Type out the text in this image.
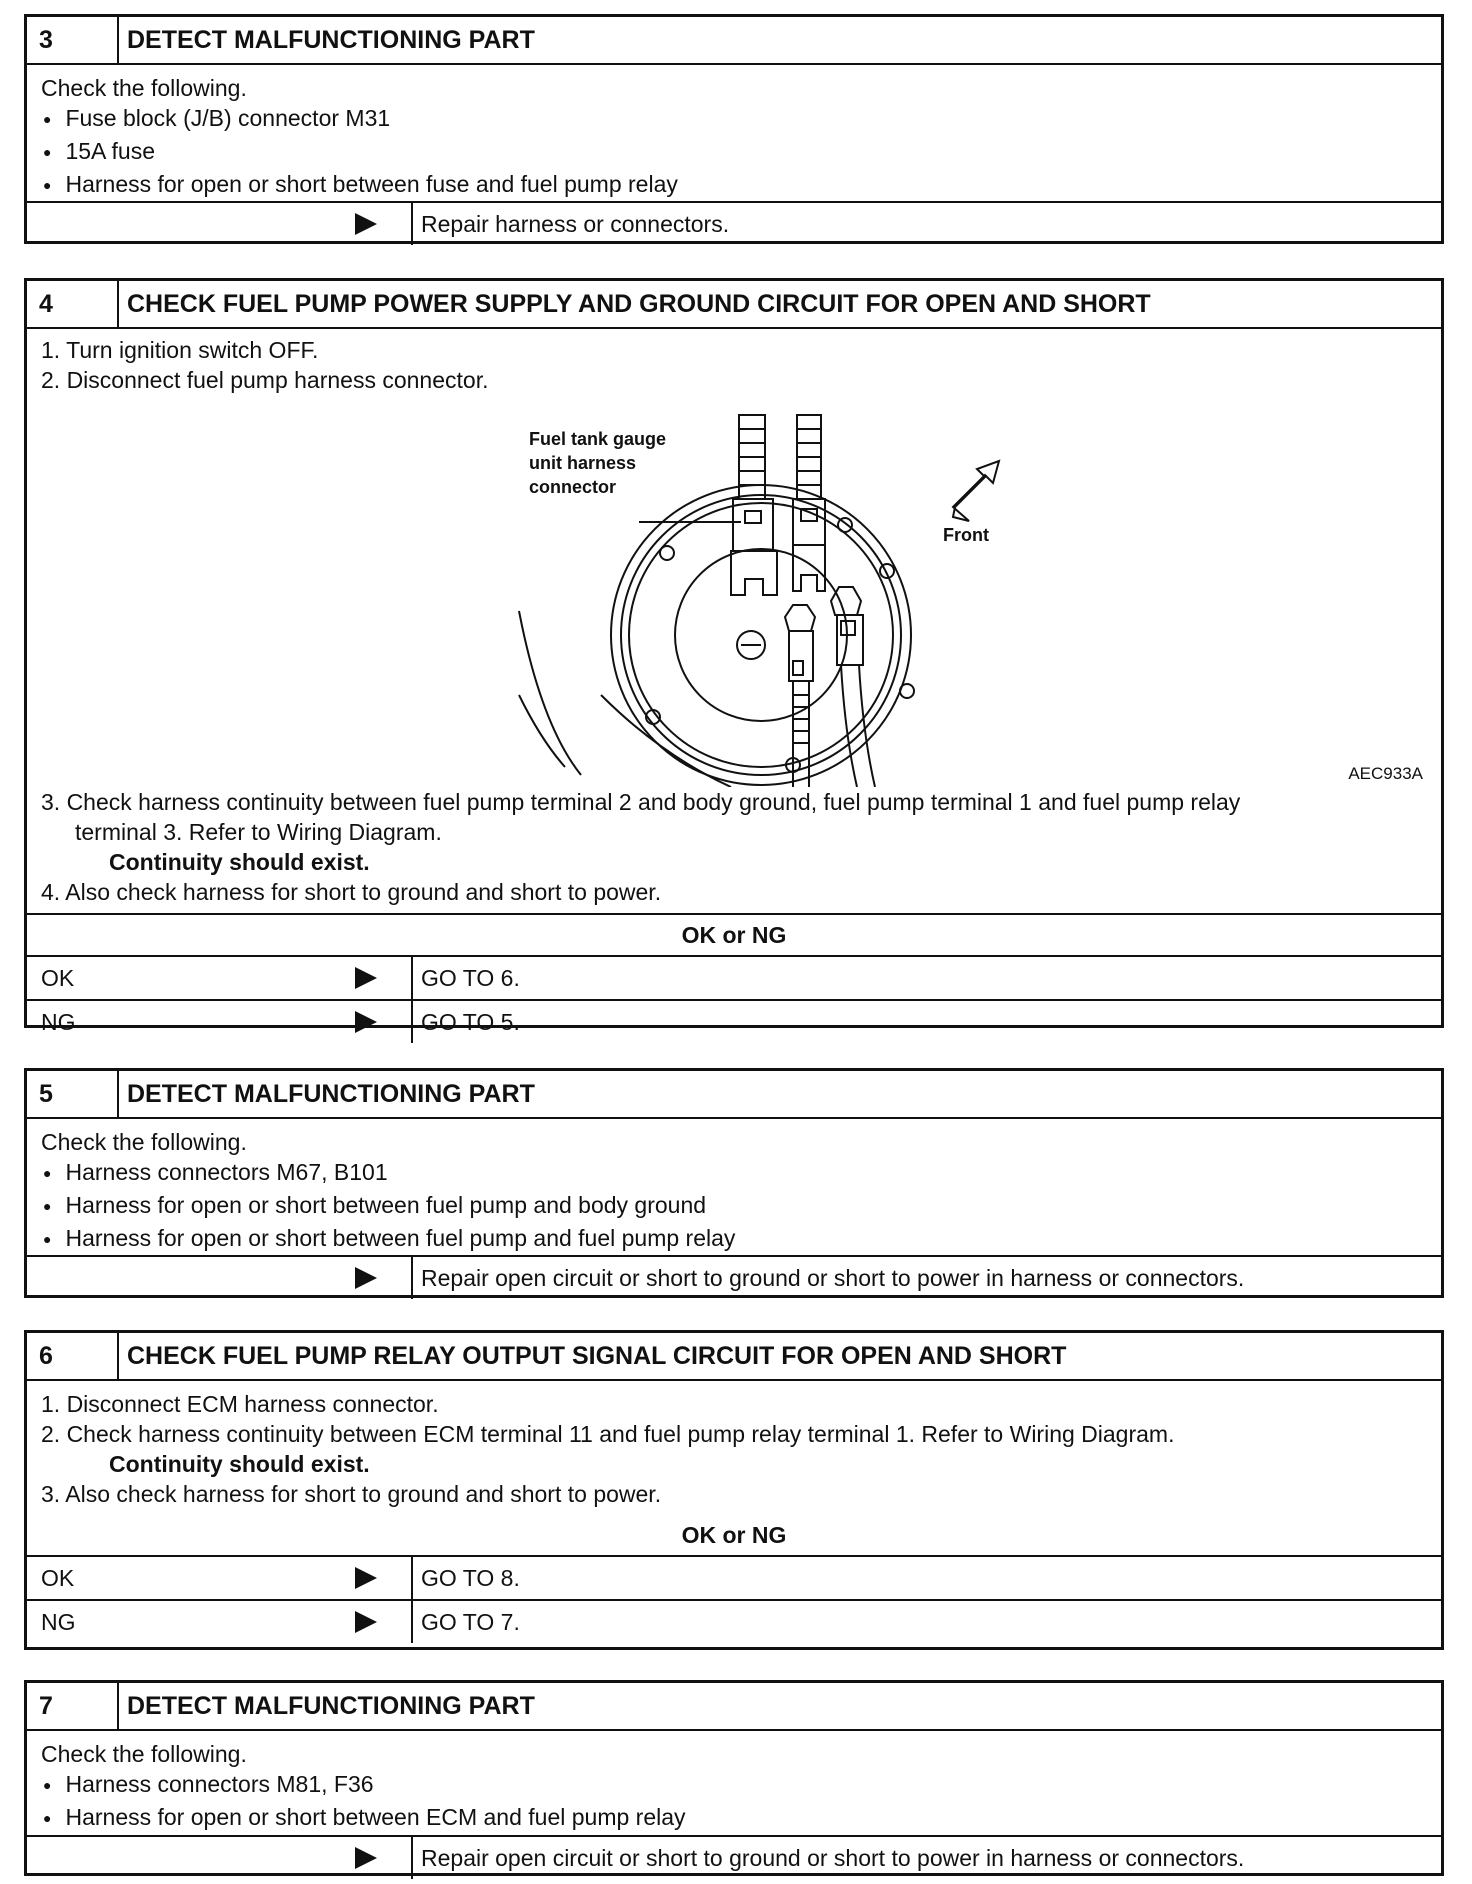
3	DETECT MALFUNCTIONING PART
Check the following.
● Fuse block (J/B) connector M31
● 15A fuse
● Harness for open or short between fuse and fuel pump relay
Repair harness or connectors.
4	CHECK FUEL PUMP POWER SUPPLY AND GROUND CIRCUIT FOR OPEN AND SHORT
1. Turn ignition switch OFF.
2. Disconnect fuel pump harness connector.
Fuel tank gauge
unit harness
connector
Front
AEC933A
3. Check harness continuity between fuel pump terminal 2 and body ground, fuel pump terminal 1 and fuel pump relay
terminal 3. Refer to Wiring Diagram.
Continuity should exist.
4. Also check harness for short to ground and short to power.
OK or NG
OK	GO TO 6.
NG	GO TO 5.
5	DETECT MALFUNCTIONING PART
Check the following.
● Harness connectors M67, B101
● Harness for open or short between fuel pump and body ground
● Harness for open or short between fuel pump and fuel pump relay
Repair open circuit or short to ground or short to power in harness or connectors.
6	CHECK FUEL PUMP RELAY OUTPUT SIGNAL CIRCUIT FOR OPEN AND SHORT
1. Disconnect ECM harness connector.
2. Check harness continuity between ECM terminal 11 and fuel pump relay terminal 1. Refer to Wiring Diagram.
Continuity should exist.
3. Also check harness for short to ground and short to power.
OK or NG
OK	GO TO 8.
NG	GO TO 7.
7	DETECT MALFUNCTIONING PART
Check the following.
● Harness connectors M81, F36
● Harness for open or short between ECM and fuel pump relay
Repair open circuit or short to ground or short to power in harness or connectors.
